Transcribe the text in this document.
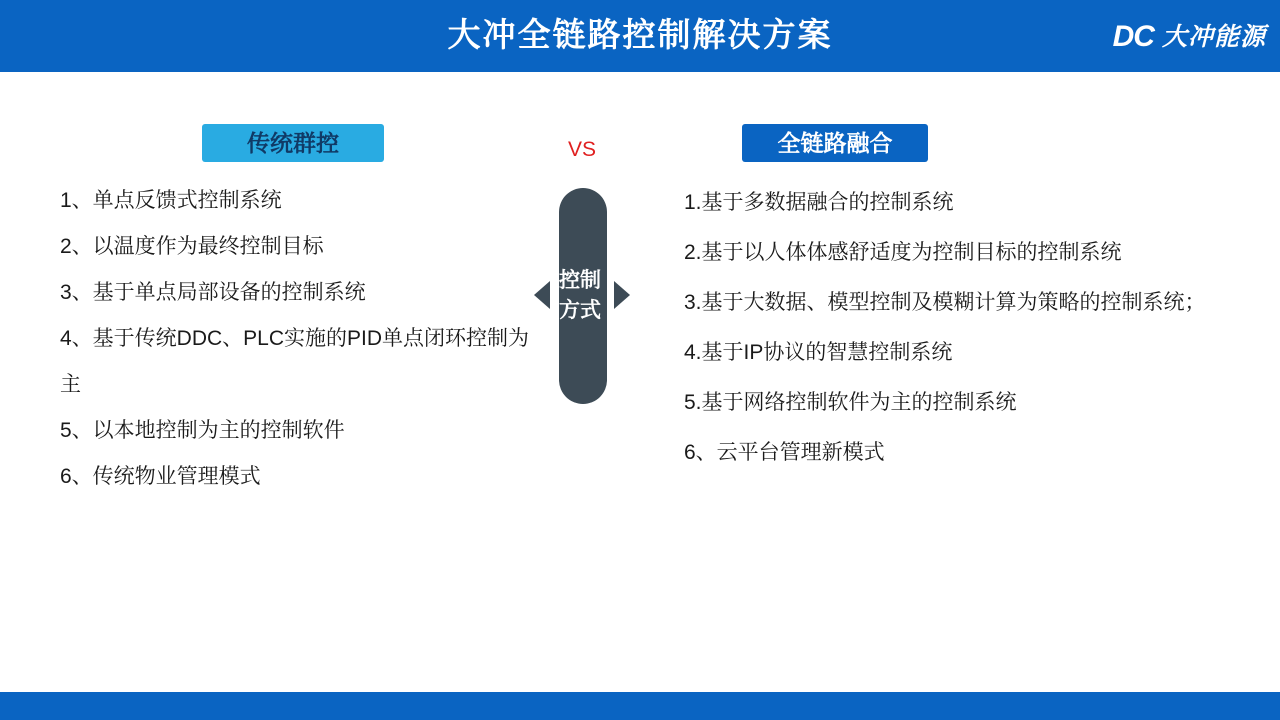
大冲全链路控制解决方案	DC 大冲能源
传统群控	全链路融合
VS
控制方式
1、单点反馈式控制系统
2、以温度作为最终控制目标
3、基于单点局部设备的控制系统
4、基于传统DDC、PLC实施的PID单点闭环控制为主
5、以本地控制为主的控制软件
6、传统物业管理模式
1.基于多数据融合的控制系统
2.基于以人体体感舒适度为控制目标的控制系统
3.基于大数据、模型控制及模糊计算为策略的控制系统；
4.基于IP协议的智慧控制系统
5.基于网络控制软件为主的控制系统
6、云平台管理新模式
